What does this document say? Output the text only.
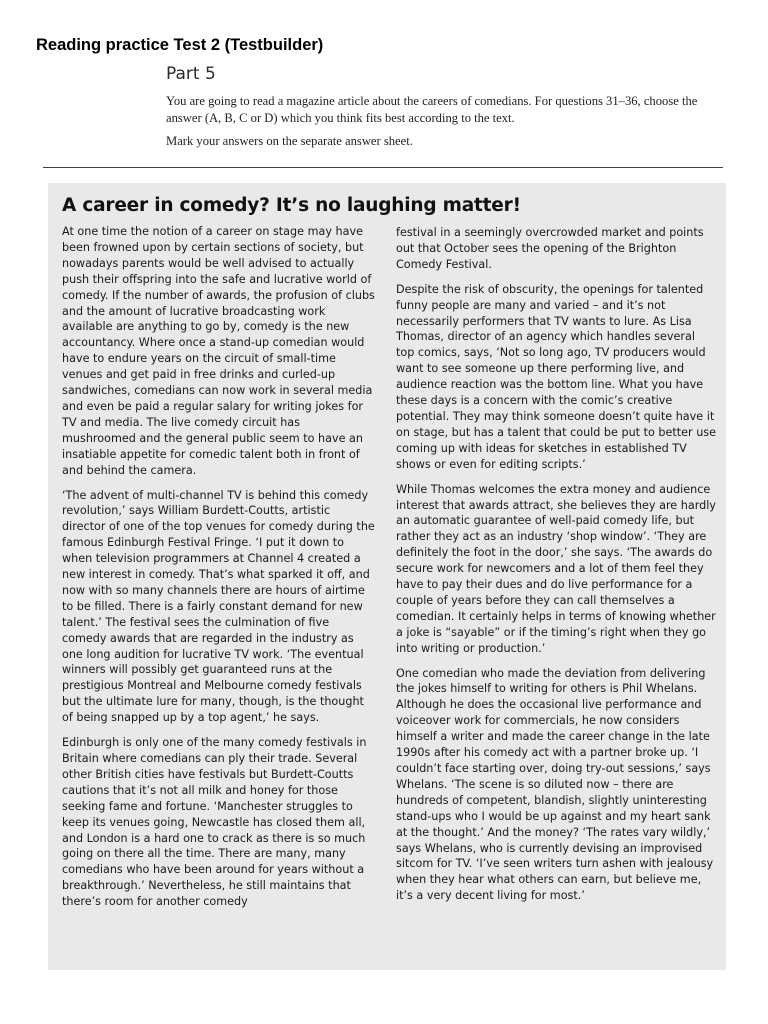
Reading practice Test 2 (Testbuilder)
Part 5

You are going to read a magazine article about the careers of comedians. For questions 31–36, choose the answer (A, B, C or D) which you think fits best according to the text.

Mark your answers on the separate answer sheet.

A career in comedy? It’s no laughing matter!

At one time the notion of a career on stage may have been frowned upon by certain sections of society, but nowadays parents would be well advised to actually push their offspring into the safe and lucrative world of comedy. If the number of awards, the profusion of clubs and the amount of lucrative broadcasting work available are anything to go by, comedy is the new accountancy. Where once a stand-up comedian would have to endure years on the circuit of small-time venues and get paid in free drinks and curled-up sandwiches, comedians can now work in several media and even be paid a regular salary for writing jokes for TV and media. The live comedy circuit has mushroomed and the general public seem to have an insatiable appetite for comedic talent both in front of and behind the camera.

‘The advent of multi-channel TV is behind this comedy revolution,’ says William Burdett-Coutts, artistic director of one of the top venues for comedy during the famous Edinburgh Festival Fringe. ‘I put it down to when television programmers at Channel 4 created a new interest in comedy. That’s what sparked it off, and now with so many channels there are hours of airtime to be filled. There is a fairly constant demand for new talent.’ The festival sees the culmination of five comedy awards that are regarded in the industry as one long audition for lucrative TV work. ‘The eventual winners will possibly get guaranteed runs at the prestigious Montreal and Melbourne comedy festivals but the ultimate lure for many, though, is the thought of being snapped up by a top agent,’ he says.

Edinburgh is only one of the many comedy festivals in Britain where comedians can ply their trade. Several other British cities have festivals but Burdett-Coutts cautions that it’s not all milk and honey for those seeking fame and fortune. ‘Manchester struggles to keep its venues going, Newcastle has closed them all, and London is a hard one to crack as there is so much going on there all the time. There are many, many comedians who have been around for years without a breakthrough.’ Nevertheless, he still maintains that there’s room for another comedy

festival in a seemingly overcrowded market and points out that October sees the opening of the Brighton Comedy Festival.

Despite the risk of obscurity, the openings for talented funny people are many and varied – and it’s not necessarily performers that TV wants to lure. As Lisa Thomas, director of an agency which handles several top comics, says, ‘Not so long ago, TV producers would want to see someone up there performing live, and audience reaction was the bottom line. What you have these days is a concern with the comic’s creative potential. They may think someone doesn’t quite have it on stage, but has a talent that could be put to better use coming up with ideas for sketches in established TV shows or even for editing scripts.’

While Thomas welcomes the extra money and audience interest that awards attract, she believes they are hardly an automatic guarantee of well-paid comedy life, but rather they act as an industry ‘shop window’. ‘They are definitely the foot in the door,’ she says. ‘The awards do secure work for newcomers and a lot of them feel they have to pay their dues and do live performance for a couple of years before they can call themselves a comedian. It certainly helps in terms of knowing whether a joke is “sayable” or if the timing’s right when they go into writing or production.’

One comedian who made the deviation from delivering the jokes himself to writing for others is Phil Whelans. Although he does the occasional live performance and voiceover work for commercials, he now considers himself a writer and made the career change in the late 1990s after his comedy act with a partner broke up. ‘I couldn’t face starting over, doing try-out sessions,’ says Whelans. ‘The scene is so diluted now – there are hundreds of competent, blandish, slightly uninteresting stand-ups who I would be up against and my heart sank at the thought.’ And the money? ‘The rates vary wildly,’ says Whelans, who is currently devising an improvised sitcom for TV. ‘I’ve seen writers turn ashen with jealousy when they hear what others can earn, but believe me, it’s a very decent living for most.’
